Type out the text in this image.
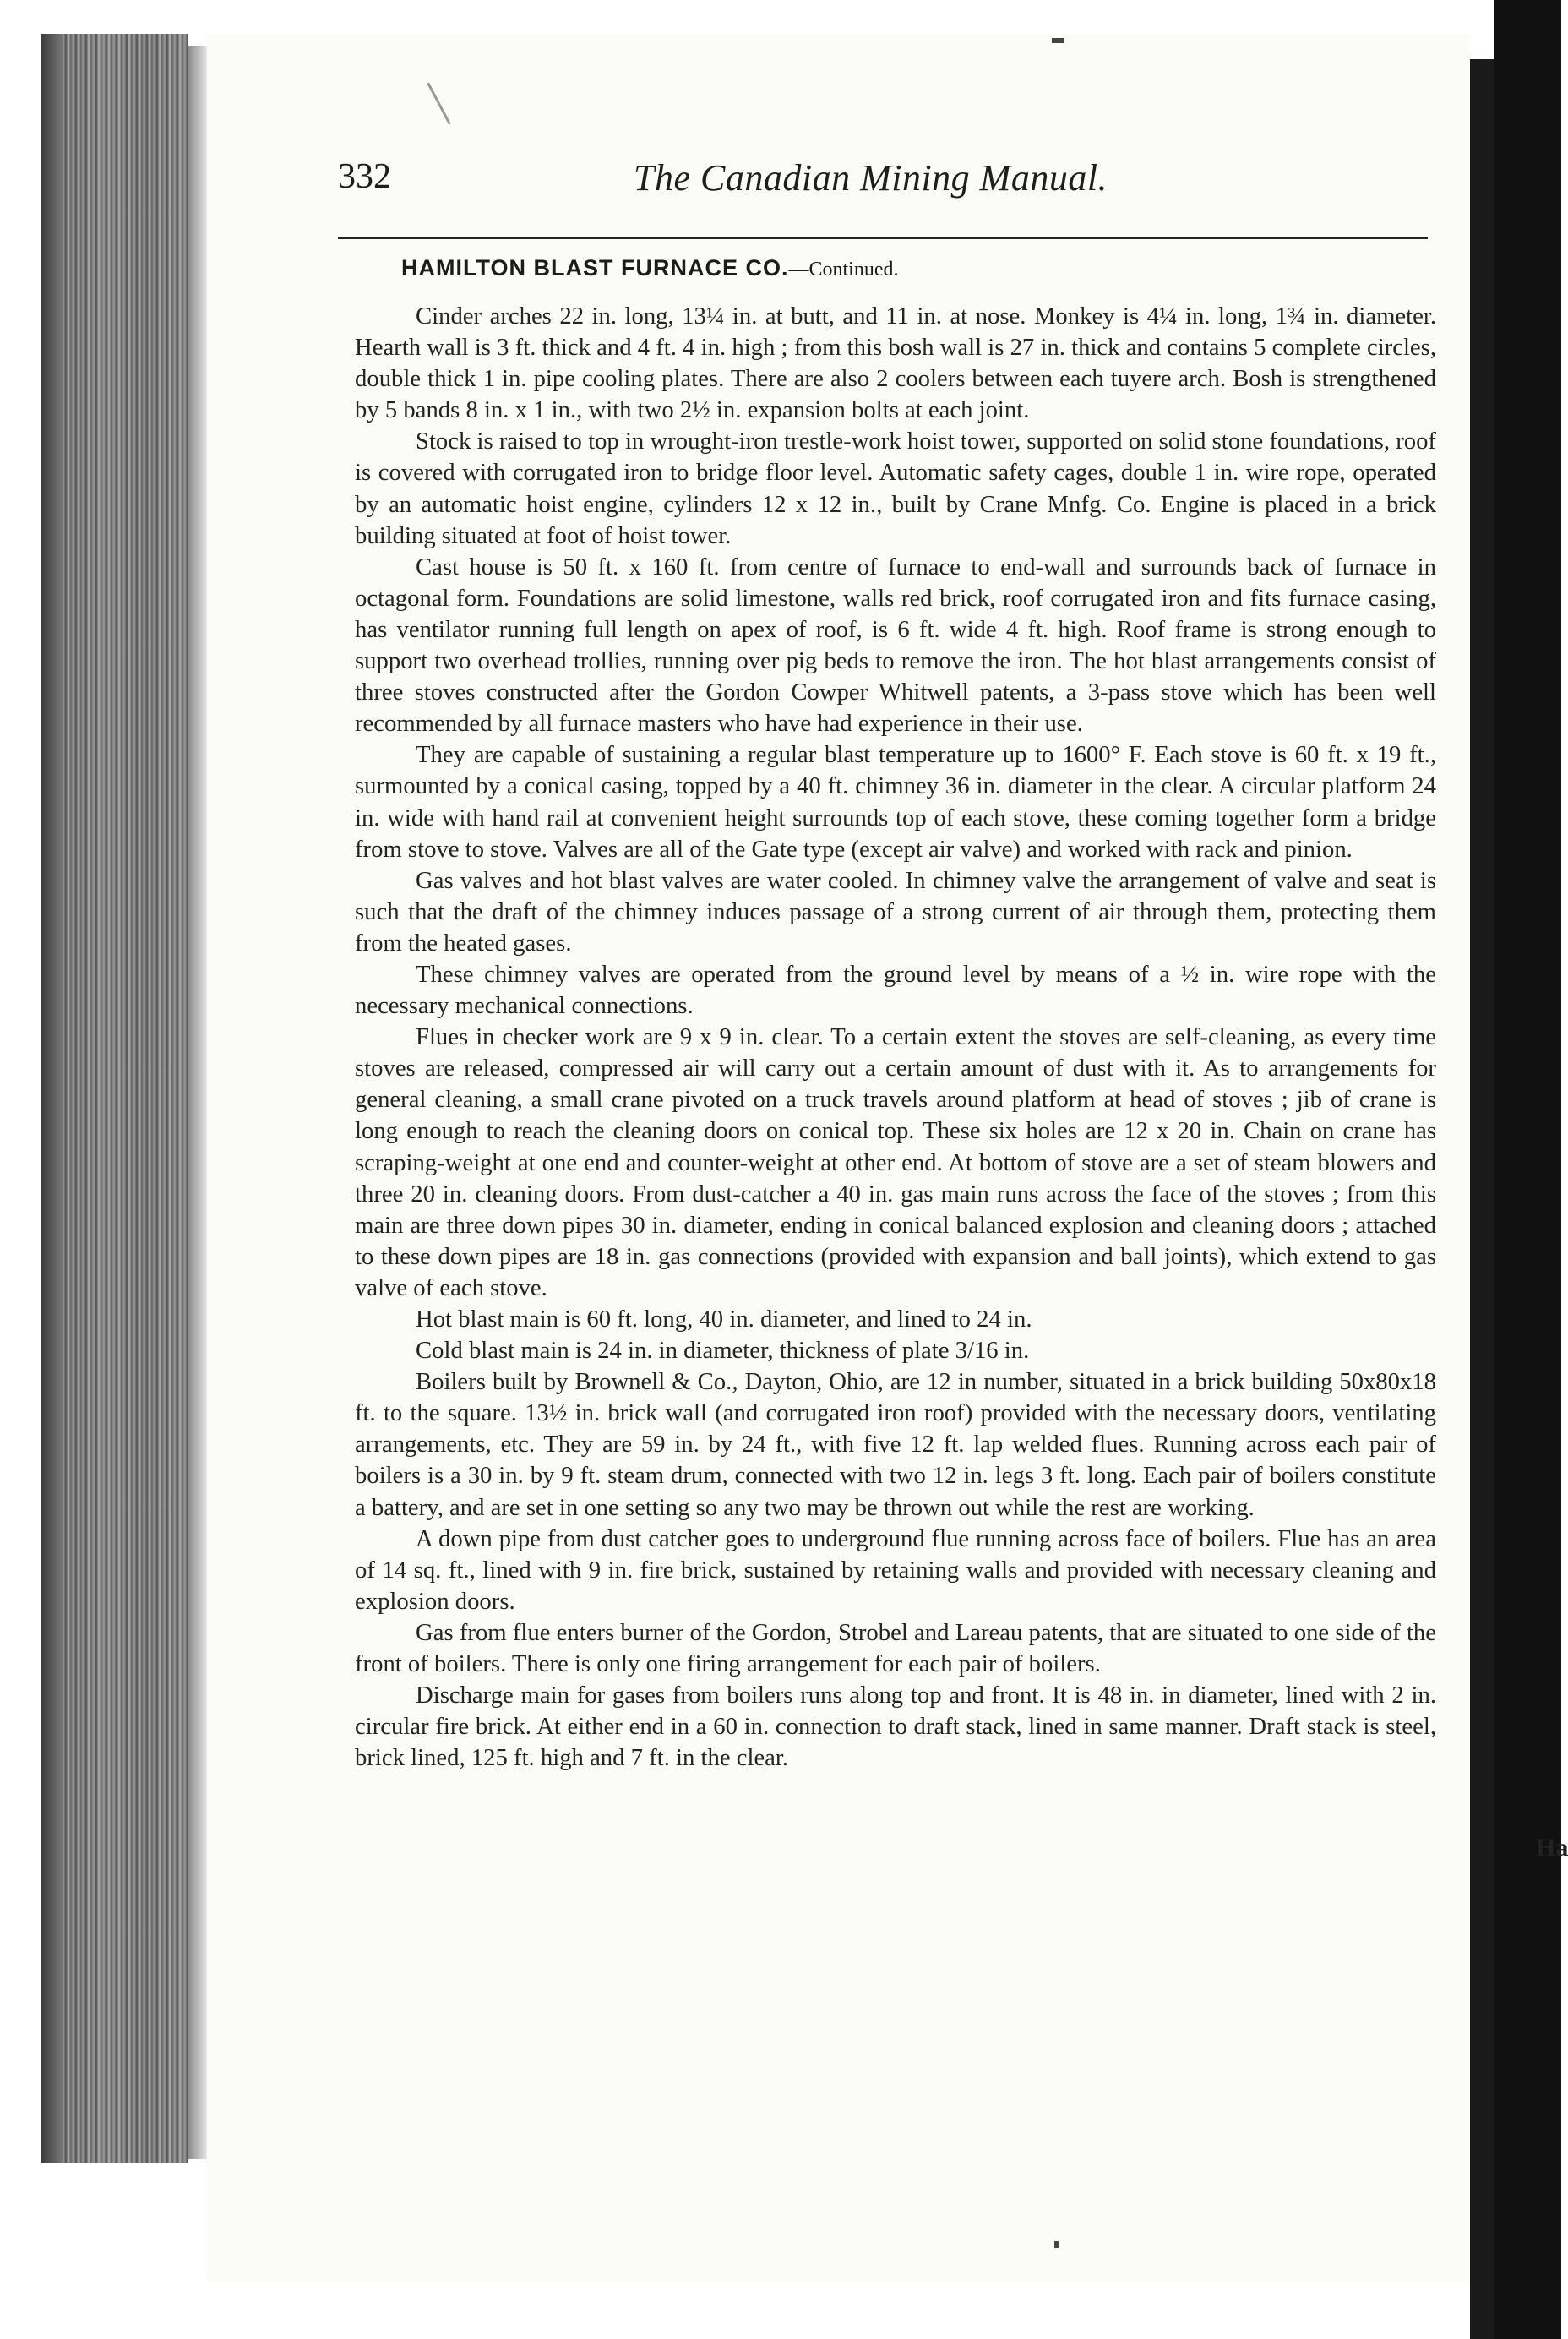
Ha
332	The Canadian Mining Manual.
HAMILTON BLAST FURNACE CO.—Continued.

Cinder arches 22 in. long, 13¼ in. at butt, and 11 in. at nose. Monkey is 4¼ in. long, 1¾ in. diameter. Hearth wall is 3 ft. thick and 4 ft. 4 in. high ; from this bosh wall is 27 in. thick and contains 5 complete circles, double thick 1 in. pipe cooling plates. There are also 2 coolers between each tuyere arch. Bosh is strengthened by 5 bands 8 in. x 1 in., with two 2½ in. expansion bolts at each joint.

Stock is raised to top in wrought-iron trestle-work hoist tower, supported on solid stone foundations, roof is covered with corrugated iron to bridge floor level. Automatic safety cages, double 1 in. wire rope, operated by an automatic hoist engine, cylinders 12 x 12 in., built by Crane Mnfg. Co. Engine is placed in a brick building situated at foot of hoist tower.

Cast house is 50 ft. x 160 ft. from centre of furnace to end-wall and surrounds back of furnace in octagonal form. Foundations are solid limestone, walls red brick, roof corrugated iron and fits furnace casing, has ventilator running full length on apex of roof, is 6 ft. wide 4 ft. high. Roof frame is strong enough to support two overhead trollies, running over pig beds to remove the iron. The hot blast arrangements consist of three stoves constructed after the Gordon Cowper Whitwell patents, a 3-pass stove which has been well recommended by all furnace masters who have had experience in their use.

They are capable of sustaining a regular blast temperature up to 1600° F. Each stove is 60 ft. x 19 ft., surmounted by a conical casing, topped by a 40 ft. chimney 36 in. diameter in the clear. A circular platform 24 in. wide with hand rail at convenient height surrounds top of each stove, these coming together form a bridge from stove to stove. Valves are all of the Gate type (except air valve) and worked with rack and pinion.

Gas valves and hot blast valves are water cooled. In chimney valve the arrangement of valve and seat is such that the draft of the chimney induces passage of a strong current of air through them, protecting them from the heated gases.

These chimney valves are operated from the ground level by means of a ½ in. wire rope with the necessary mechanical connections.

Flues in checker work are 9 x 9 in. clear. To a certain extent the stoves are self-cleaning, as every time stoves are released, compressed air will carry out a certain amount of dust with it. As to arrangements for general cleaning, a small crane pivoted on a truck travels around platform at head of stoves ; jib of crane is long enough to reach the cleaning doors on conical top. These six holes are 12 x 20 in. Chain on crane has scraping-weight at one end and counter-weight at other end. At bottom of stove are a set of steam blowers and three 20 in. cleaning doors. From dust-catcher a 40 in. gas main runs across the face of the stoves ; from this main are three down pipes 30 in. diameter, ending in conical balanced explosion and cleaning doors ; attached to these down pipes are 18 in. gas connections (provided with expansion and ball joints), which extend to gas valve of each stove.

Hot blast main is 60 ft. long, 40 in. diameter, and lined to 24 in.

Cold blast main is 24 in. in diameter, thickness of plate 3/16 in.

Boilers built by Brownell & Co., Dayton, Ohio, are 12 in number, situated in a brick building 50x80x18 ft. to the square. 13½ in. brick wall (and corrugated iron roof) provided with the necessary doors, ventilating arrangements, etc. They are 59 in. by 24 ft., with five 12 ft. lap welded flues. Running across each pair of boilers is a 30 in. by 9 ft. steam drum, connected with two 12 in. legs 3 ft. long. Each pair of boilers constitute a battery, and are set in one setting so any two may be thrown out while the rest are working.

A down pipe from dust catcher goes to underground flue running across face of boilers. Flue has an area of 14 sq. ft., lined with 9 in. fire brick, sustained by retaining walls and provided with necessary cleaning and explosion doors.

Gas from flue enters burner of the Gordon, Strobel and Lareau patents, that are situated to one side of the front of boilers. There is only one firing arrangement for each pair of boilers.

Discharge main for gases from boilers runs along top and front. It is 48 in. in diameter, lined with 2 in. circular fire brick. At either end in a 60 in. connection to draft stack, lined in same manner. Draft stack is steel, brick lined, 125 ft. high and 7 ft. in the clear.
